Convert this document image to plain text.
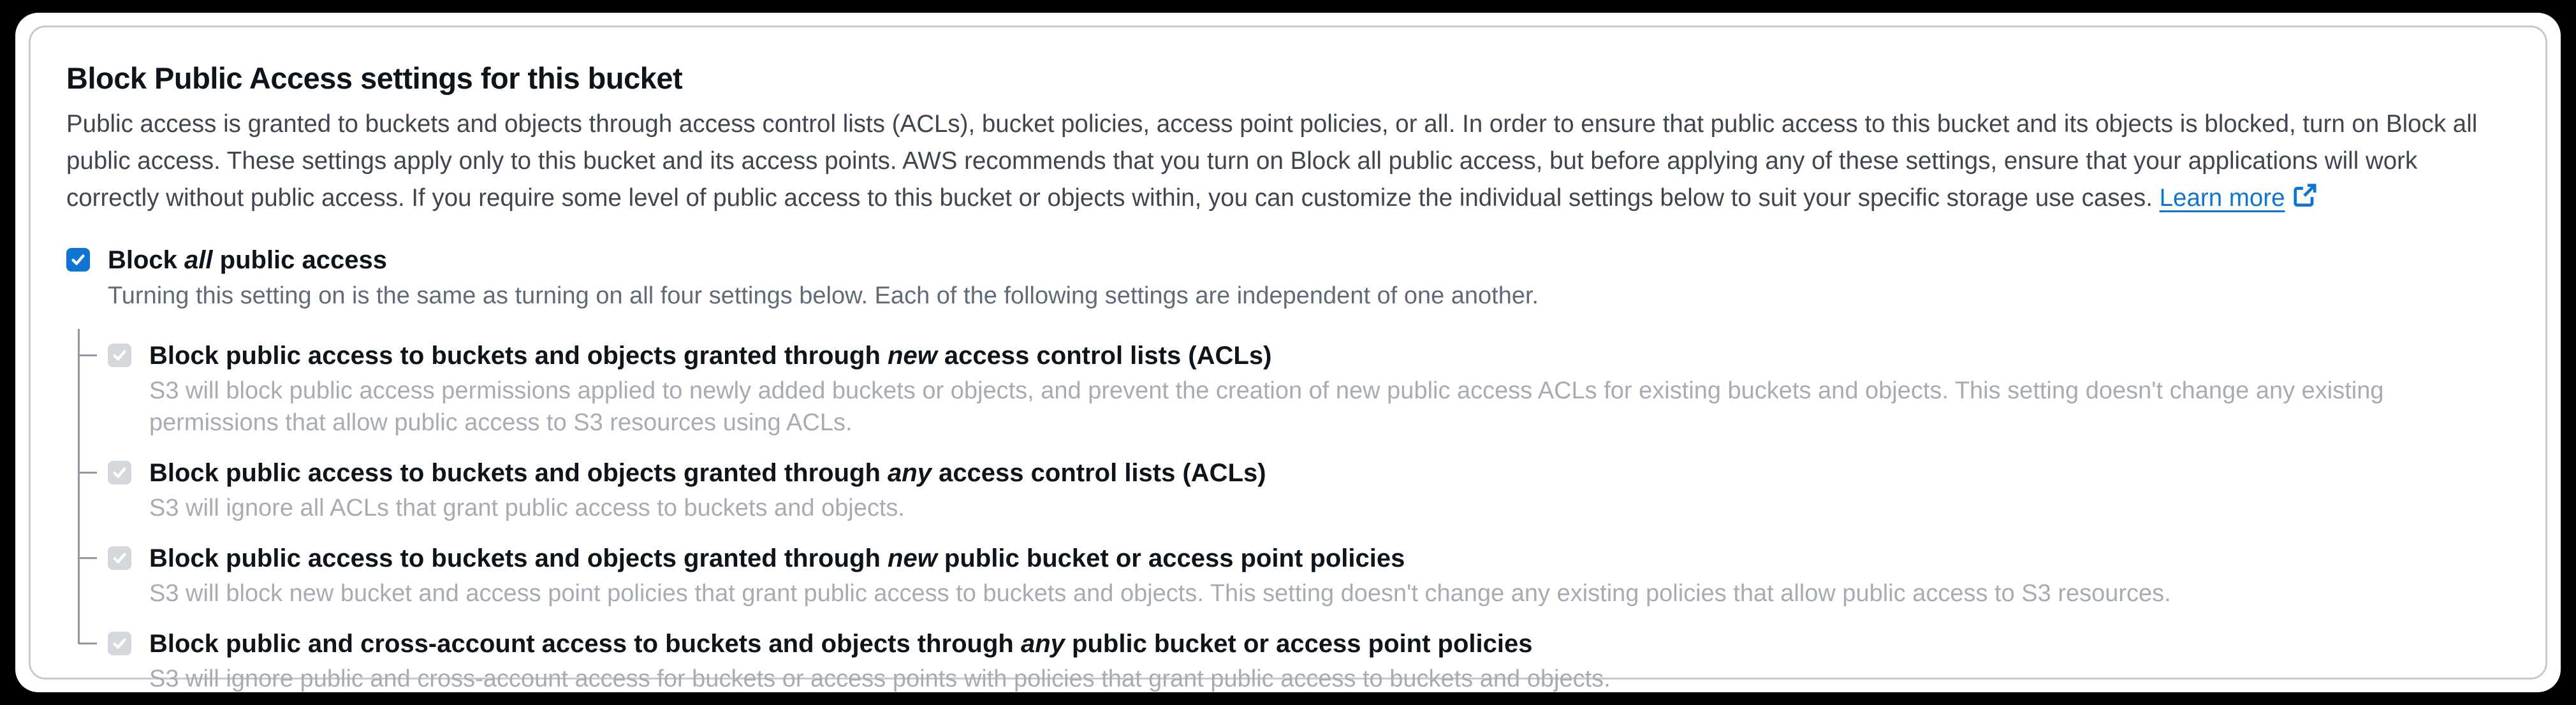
Block Public Access settings for this bucket

Public access is granted to buckets and objects through access control lists (ACLs), bucket policies, access point policies, or all. In order to ensure that public access to this bucket and its objects is blocked, turn on Block all public access. These settings apply only to this bucket and its access points. AWS recommends that you turn on Block all public access, but before applying any of these settings, ensure that your applications will work correctly without public access. If you require some level of public access to this bucket or objects within, you can customize the individual settings below to suit your specific storage use cases. Learn more

Block all public access
Turning this setting on is the same as turning on all four settings below. Each of the following settings are independent of one another.
Block public access to buckets and objects granted through new access control lists (ACLs)
S3 will block public access permissions applied to newly added buckets or objects, and prevent the creation of new public access ACLs for existing buckets and objects. This setting doesn't change any existing permissions that allow public access to S3 resources using ACLs.
Block public access to buckets and objects granted through any access control lists (ACLs)
S3 will ignore all ACLs that grant public access to buckets and objects.
Block public access to buckets and objects granted through new public bucket or access point policies
S3 will block new bucket and access point policies that grant public access to buckets and objects. This setting doesn't change any existing policies that allow public access to S3 resources.
Block public and cross-account access to buckets and objects through any public bucket or access point policies
S3 will ignore public and cross-account access for buckets or access points with policies that grant public access to buckets and objects.
